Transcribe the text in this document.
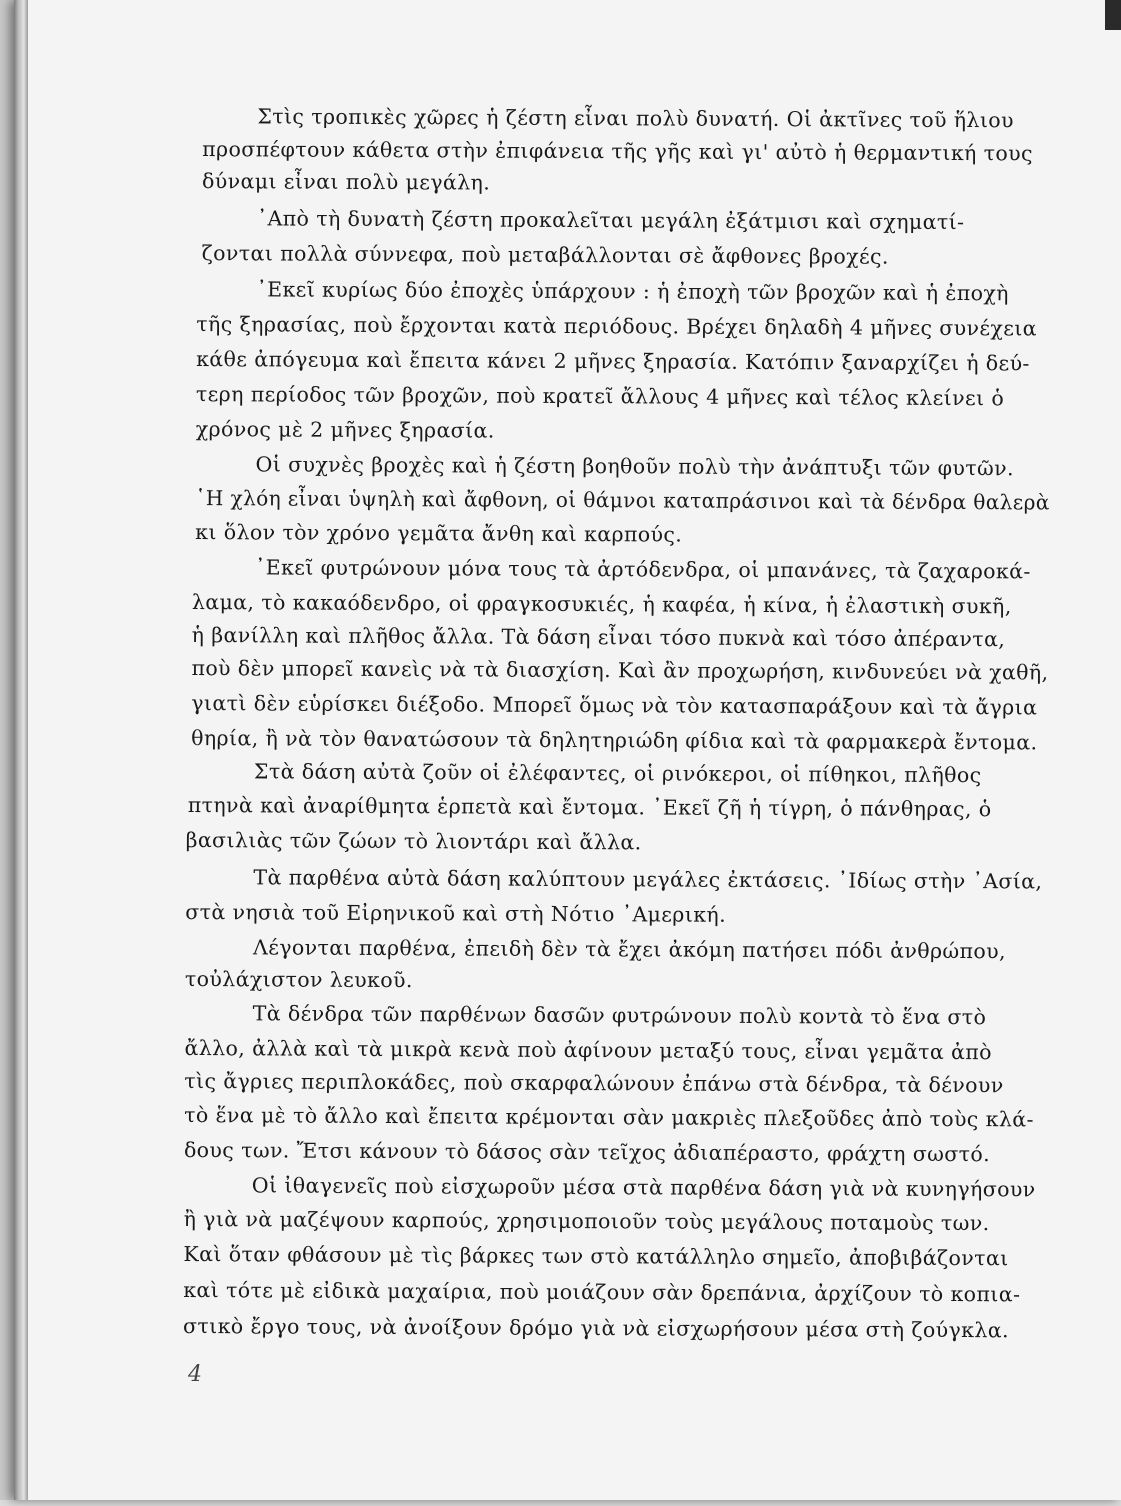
Στὶς τροπικὲς χῶρες ἡ ζέστη εἶναι πολὺ δυνατή. Οἱ ἀκτῖνες τοῦ ἥλιου
προσπέφτουν κάθετα στὴν ἐπιφάνεια τῆς γῆς καὶ γι' αὐτὸ ἡ θερμαντική τους
δύναμι εἶναι πολὺ μεγάλη.
᾿Απὸ τὴ δυνατὴ ζέστη προκαλεῖται μεγάλη ἐξάτμισι καὶ σχηματί-
ζονται πολλὰ σύννεφα, ποὺ μεταβάλλονται σὲ ἄφθονες βροχές.
᾿Εκεῖ κυρίως δύο ἐποχὲς ὑπάρχουν : ἡ ἐποχὴ τῶν βροχῶν καὶ ἡ ἐποχὴ
τῆς ξηρασίας, ποὺ ἔρχονται κατὰ περιόδους. Βρέχει δηλαδὴ 4 μῆνες συνέχεια
κάθε ἀπόγευμα καὶ ἔπειτα κάνει 2 μῆνες ξηρασία. Κατόπιν ξαναρχίζει ἡ δεύ-
τερη περίοδος τῶν βροχῶν, ποὺ κρατεῖ ἄλλους 4 μῆνες καὶ τέλος κλείνει ὁ
χρόνος μὲ 2 μῆνες ξηρασία.
Οἱ συχνὲς βροχὲς καὶ ἡ ζέστη βοηθοῦν πολὺ τὴν ἀνάπτυξι τῶν φυτῶν.
῾Η χλόη εἶναι ὑψηλὴ καὶ ἄφθονη, οἱ θάμνοι καταπράσινοι καὶ τὰ δένδρα θαλερὰ
κι ὅλον τὸν χρόνο γεμᾶτα ἄνθη καὶ καρπούς.
᾿Εκεῖ φυτρώνουν μόνα τους τὰ ἀρτόδενδρα, οἱ μπανάνες, τὰ ζαχαροκά-
λαμα, τὸ κακαόδενδρο, οἱ φραγκοσυκιές, ἡ καφέα, ἡ κίνα, ἡ ἐλαστικὴ συκῆ,
ἡ βανίλλη καὶ πλῆθος ἄλλα. Τὰ δάση εἶναι τόσο πυκνὰ καὶ τόσο ἀπέραντα,
ποὺ δὲν μπορεῖ κανεὶς νὰ τὰ διασχίση. Καὶ ἂν προχωρήση, κινδυνεύει νὰ χαθῆ,
γιατὶ δὲν εὑρίσκει διέξοδο. Μπορεῖ ὅμως νὰ τὸν κατασπαράξουν καὶ τὰ ἄγρια
θηρία, ἢ νὰ τὸν θανατώσουν τὰ δηλητηριώδη φίδια καὶ τὰ φαρμακερὰ ἔντομα.
Στὰ δάση αὐτὰ ζοῦν οἱ ἐλέφαντες, οἱ ρινόκεροι, οἱ πίθηκοι, πλῆθος
πτηνὰ καὶ ἀναρίθμητα ἑρπετὰ καὶ ἔντομα. ᾿Εκεῖ ζῆ ἡ τίγρη, ὁ πάνθηρας, ὁ
βασιλιὰς τῶν ζώων τὸ λιοντάρι καὶ ἄλλα.
Τὰ παρθένα αὐτὰ δάση καλύπτουν μεγάλες ἐκτάσεις. ᾿Ιδίως στὴν ᾿Ασία,
στὰ νησιὰ τοῦ Εἰρηνικοῦ καὶ στὴ Νότιο ᾿Αμερική.
Λέγονται παρθένα, ἐπειδὴ δὲν τὰ ἔχει ἀκόμη πατήσει πόδι ἀνθρώπου,
τοὐλάχιστον λευκοῦ.
Τὰ δένδρα τῶν παρθένων δασῶν φυτρώνουν πολὺ κοντὰ τὸ ἕνα στὸ
ἄλλο, ἀλλὰ καὶ τὰ μικρὰ κενὰ ποὺ ἀφίνουν μεταξύ τους, εἶναι γεμᾶτα ἀπὸ
τὶς ἄγριες περιπλοκάδες, ποὺ σκαρφαλώνουν ἐπάνω στὰ δένδρα, τὰ δένουν
τὸ ἕνα μὲ τὸ ἄλλο καὶ ἔπειτα κρέμονται σὰν μακριὲς πλεξοῦδες ἀπὸ τοὺς κλά-
δους των. Ἔτσι κάνουν τὸ δάσος σὰν τεῖχος ἀδιαπέραστο, φράχτη σωστό.
Οἱ ἰθαγενεῖς ποὺ εἰσχωροῦν μέσα στὰ παρθένα δάση γιὰ νὰ κυνηγήσουν
ἢ γιὰ νὰ μαζέψουν καρπούς, χρησιμοποιοῦν τοὺς μεγάλους ποταμοὺς των.
Καὶ ὅταν φθάσουν μὲ τὶς βάρκες των στὸ κατάλληλο σημεῖο, ἀποβιβάζονται
καὶ τότε μὲ εἰδικὰ μαχαίρια, ποὺ μοιάζουν σὰν δρεπάνια, ἀρχίζουν τὸ κοπια-
στικὸ ἔργο τους, νὰ ἀνοίξουν δρόμο γιὰ νὰ εἰσχωρήσουν μέσα στὴ ζούγκλα.
4
